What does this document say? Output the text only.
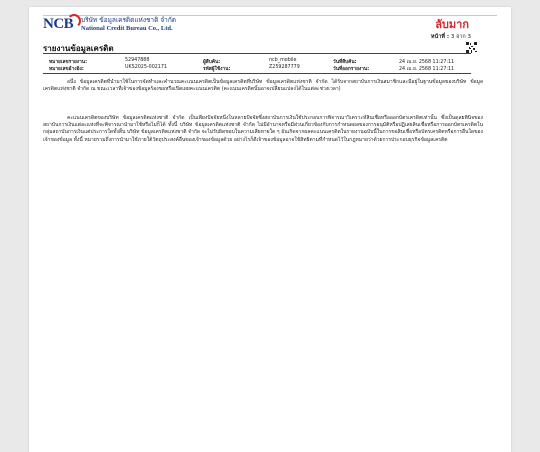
NCB บริษัท ข้อมูลเครดิตแห่งชาติ จำกัด
National Credit Bureau Co., Ltd.	ลับมาก
หน้าที่ : 3 จาก 3
รายงานข้อมูลเครดิต
หมายเลขรายงาน:	52947888	ผู้สืบค้น:	ncb_mobile	วันที่สืบค้น:	24 เม.ย. 2568 11:27:11
หมายเลขอ้างอิง:	UKS2025-002171	รหัสผู้ใช้งาน:	Z259287779	วันที่ออกรายงาน:	24 เม.ย. 2568 11:27:11

อนึ่ง ข้อมูลเครดิตที่นำมาใช้ในการจัดทำและคำนวณคะแนนเครดิตเป็นข้อมูลเครดิตที่บริษัท ข้อมูลเครดิตแห่งชาติ จำกัด ได้รับจากสถาบันการเงินสมาชิกและมีอยู่ในฐานข้อมูลของบริษัท ข้อมูลเครดิตแห่งชาติ จำกัด ณ ขณะเวลาที่เจ้าของข้อมูลร้องขอหรือเปิดเผยคะแนนเครดิต (คะแนนเครดิตนั้นอาจเปลี่ยนแปลงได้ในแต่ละช่วงเวลา)

คะแนนเครดิตของบริษัท ข้อมูลเครดิตแห่งชาติ จำกัด เป็นเพียงปัจจัยหนึ่งในหลายปัจจัยซึ่งสถาบันการเงินใช้ประกอบการพิจารณาวิเคราะห์สินเชื่อหรือออกบัตรเครดิตเท่านั้น ซึ่งเป็นดุลยพินิจของสถาบันการเงินแต่ละแห่งที่จะพิจารณานำมาใช้หรือไม่ก็ได้ ทั้งนี้ บริษัท ข้อมูลเครดิตแห่งชาติ จำกัด ไม่มีอำนาจหรือมีส่วนเกี่ยวข้องกับการกำหนดผลของการอนุมัติหรือปฏิเสธสินเชื่อหรือการออกบัตรเครดิตในกลุ่มสถาบันการเงินแต่ประการใดทั้งสิ้น บริษัท ข้อมูลเครดิตแห่งชาติ จำกัด จะไม่รับผิดชอบในความเสียหายใด ๆ อันเกิดจากผลคะแนนเครดิตในรายงานฉบับนี้ในการขอสินเชื่อหรือบัตรเครดิตหรือการอื่นใดของเจ้าของข้อมูล ทั้งนี้ หมายรวมถึงการนำมาใช้ภายใต้วัตถุประสงค์อื่นของเจ้าของข้อมูลด้วย อย่างไรก็ดีเจ้าของข้อมูลอาจใช้สิทธิตามที่กำหนดไว้ในกฎหมายว่าด้วยการประกอบธุรกิจข้อมูลเครดิต
